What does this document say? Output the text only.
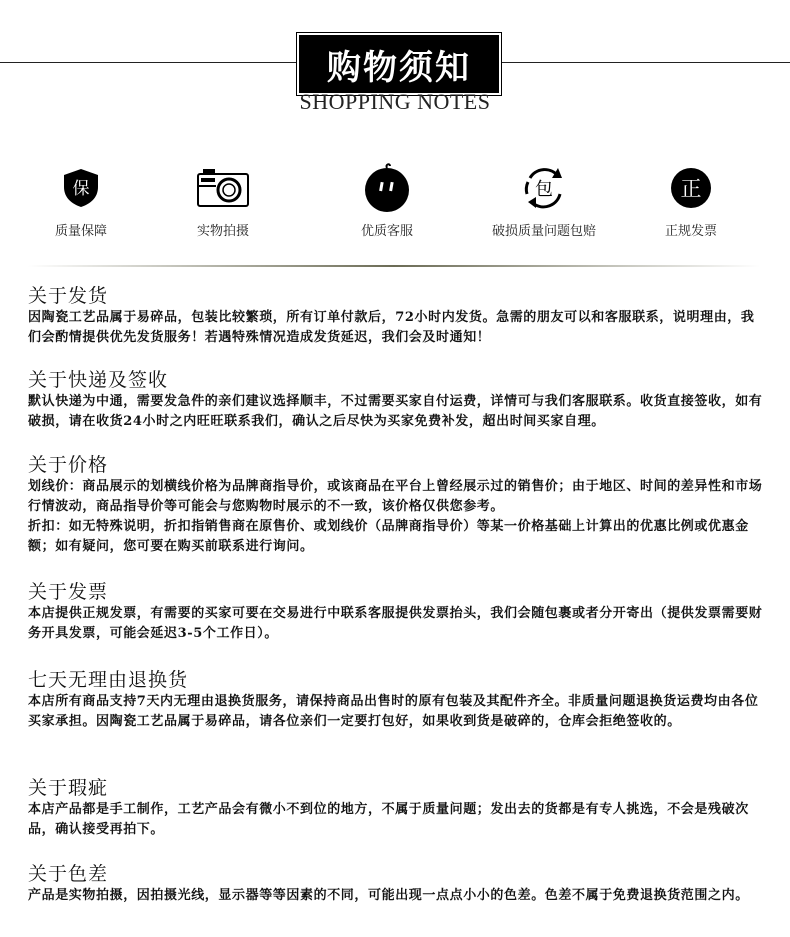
购物须知
SHOPPING NOTES
保
质量保障	实物拍摄	优质客服
包
破损质量问题包赔
正
正规发票
关于发货

因陶瓷工艺品属于易碎品，包装比较繁琐，所有订单付款后，72小时内发货。急需的朋友可以和客服联系，说明理由，我们会酌情提供优先发货服务！若遇特殊情况造成发货延迟，我们会及时通知！

关于快递及签收

默认快递为中通，需要发急件的亲们建议选择顺丰，不过需要买家自付运费，详情可与我们客服联系。收货直接签收，如有破损，请在收货24小时之内旺旺联系我们，确认之后尽快为买家免费补发，超出时间买家自理。

关于价格

划线价：商品展示的划横线价格为品牌商指导价，或该商品在平台上曾经展示过的销售价；由于地区、时间的差异性和市场行情波动，商品指导价等可能会与您购物时展示的不一致，该价格仅供您参考。

折扣：如无特殊说明，折扣指销售商在原售价、或划线价（品牌商指导价）等某一价格基础上计算出的优惠比例或优惠金额；如有疑问，您可要在购买前联系进行询问。

关于发票

本店提供正规发票，有需要的买家可要在交易进行中联系客服提供发票抬头，我们会随包裹或者分开寄出（提供发票需要财务开具发票，可能会延迟3-5个工作日）。

七天无理由退换货

本店所有商品支持7天内无理由退换货服务，请保持商品出售时的原有包装及其配件齐全。非质量问题退换货运费均由各位买家承担。因陶瓷工艺品属于易碎品，请各位亲们一定要打包好，如果收到货是破碎的，仓库会拒绝签收的。

关于瑕疵

本店产品都是手工制作，工艺产品会有微小不到位的地方，不属于质量问题；发出去的货都是有专人挑选，不会是残破次品，确认接受再拍下。

关于色差

产品是实物拍摄，因拍摄光线，显示器等等因素的不同，可能出现一点点小小的色差。色差不属于免费退换货范围之内。
